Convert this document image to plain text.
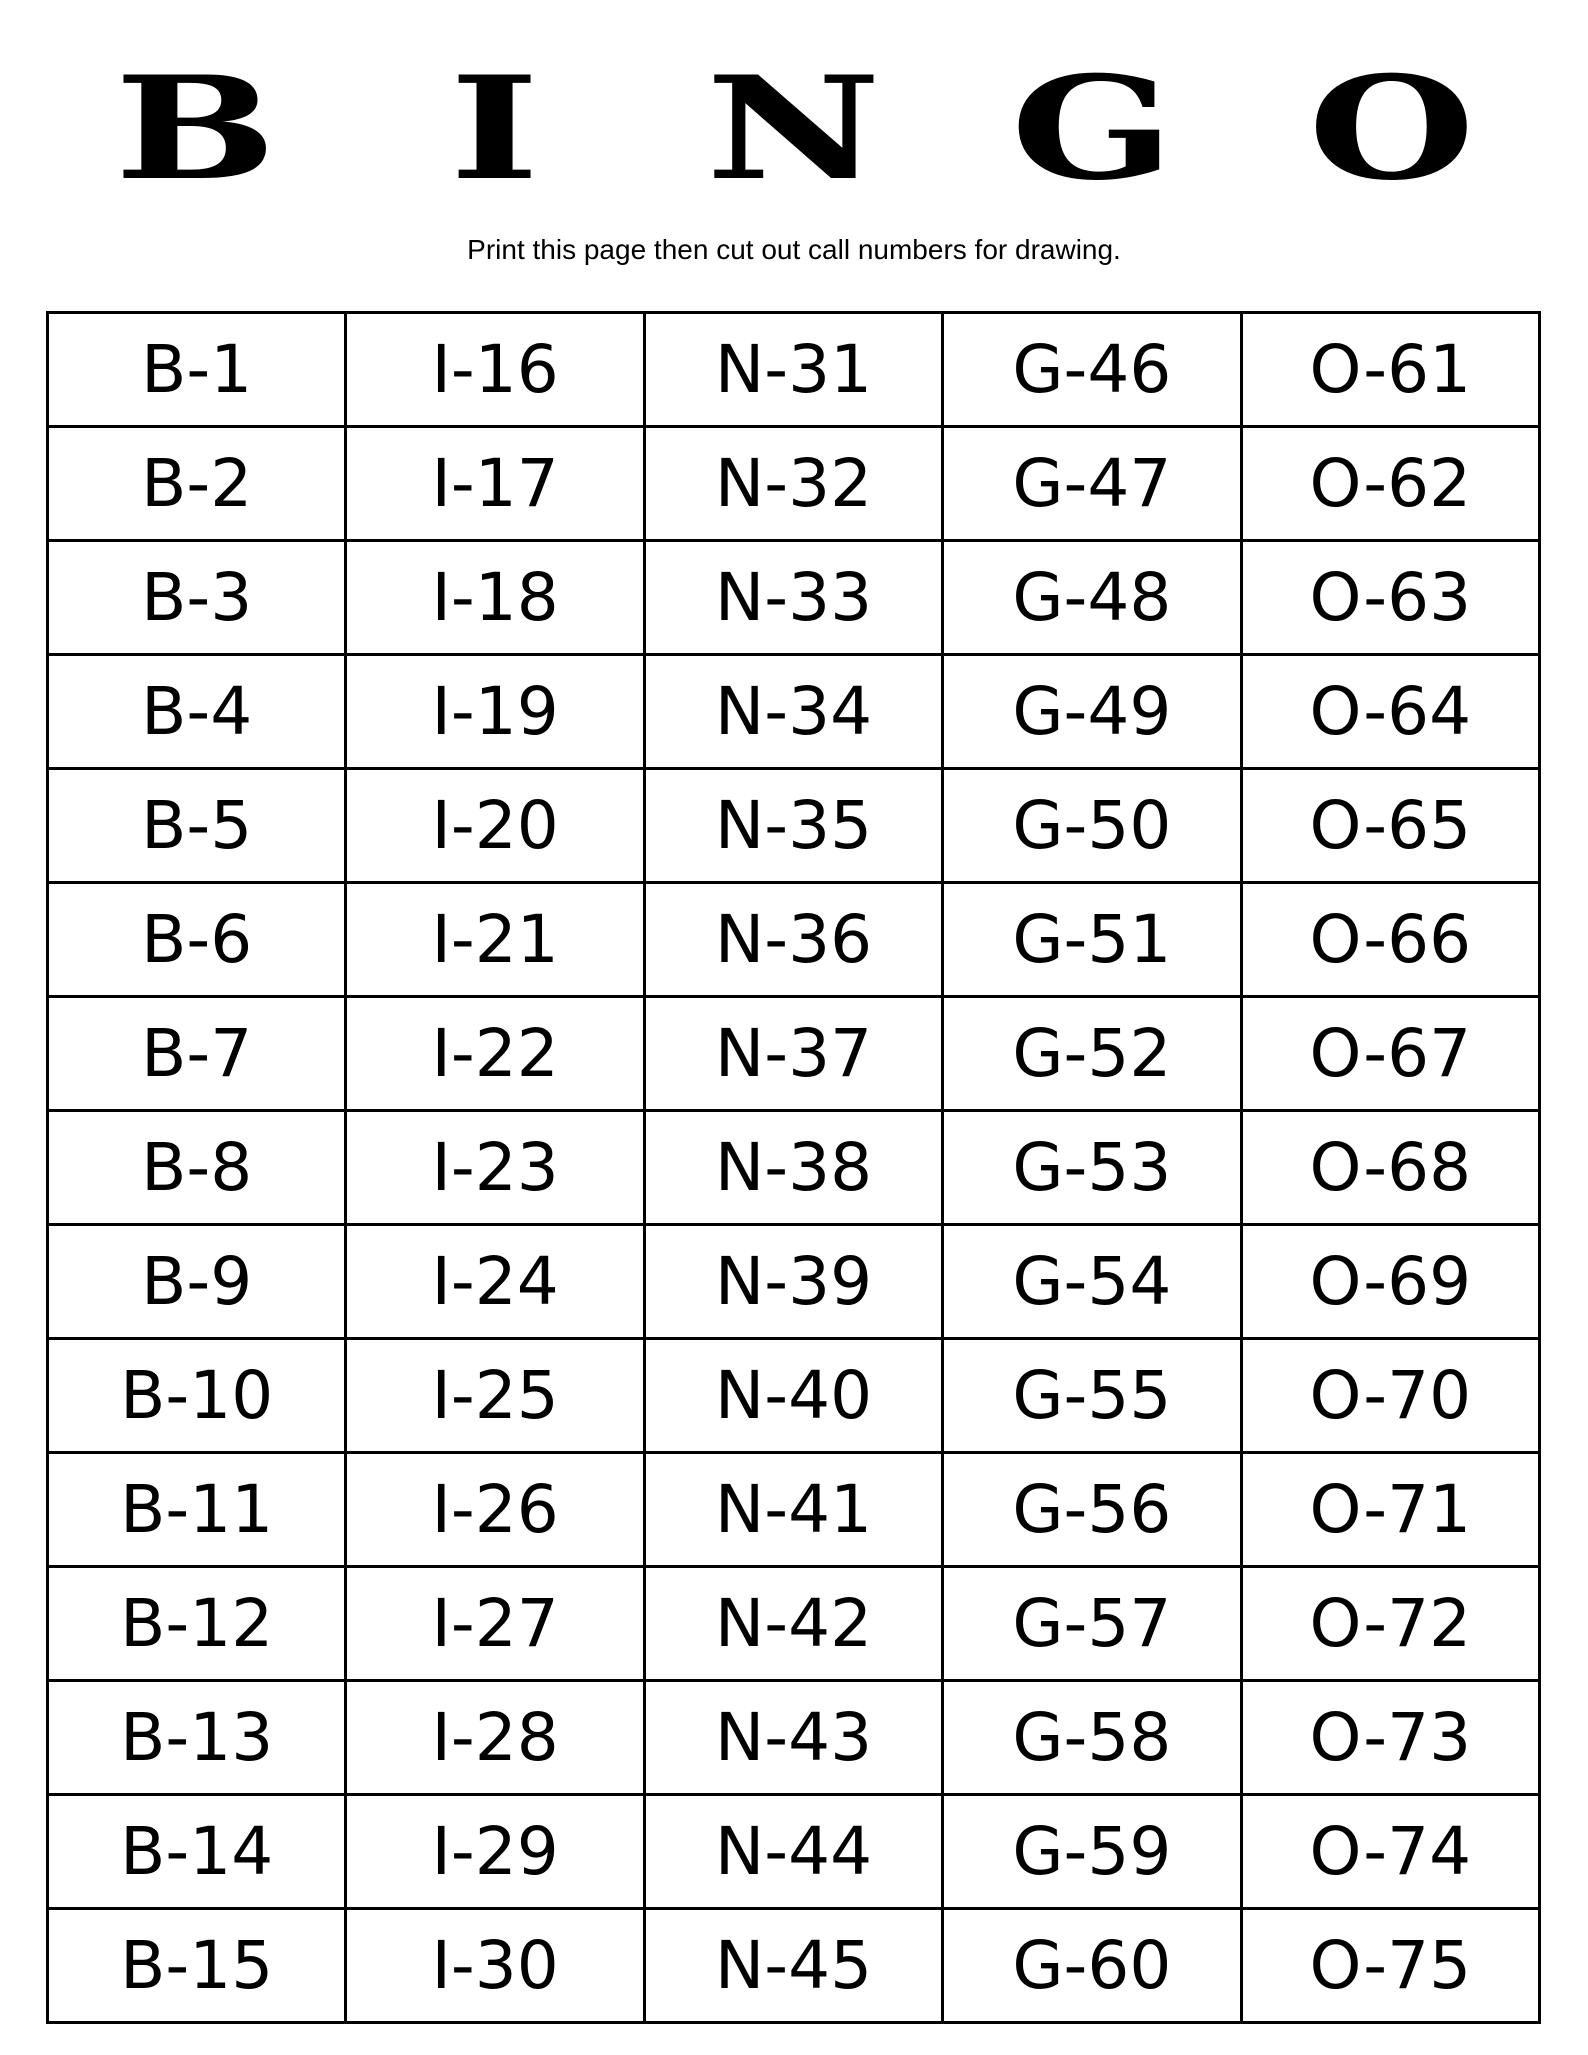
B	I	N G O
Print this page then cut out call numbers for drawing.
B-1	I-16	N-31	G-46	O-61
B-2	I-17	N-32	G-47	O-62
B-3	I-18	N-33	G-48	O-63
B-4	I-19	N-34	G-49	O-64
B-5	I-20	N-35	G-50	O-65
B-6	I-21	N-36	G-51	O-66
B-7	I-22	N-37	G-52	O-67
B-8	I-23	N-38	G-53	O-68
B-9	I-24	N-39	G-54	O-69
B-10	I-25	N-40	G-55	O-70
B-11	I-26	N-41	G-56	O-71
B-12	I-27	N-42	G-57	O-72
B-13	I-28	N-43	G-58	O-73
B-14	I-29	N-44	G-59	O-74
B-15	I-30	N-45	G-60	O-75
